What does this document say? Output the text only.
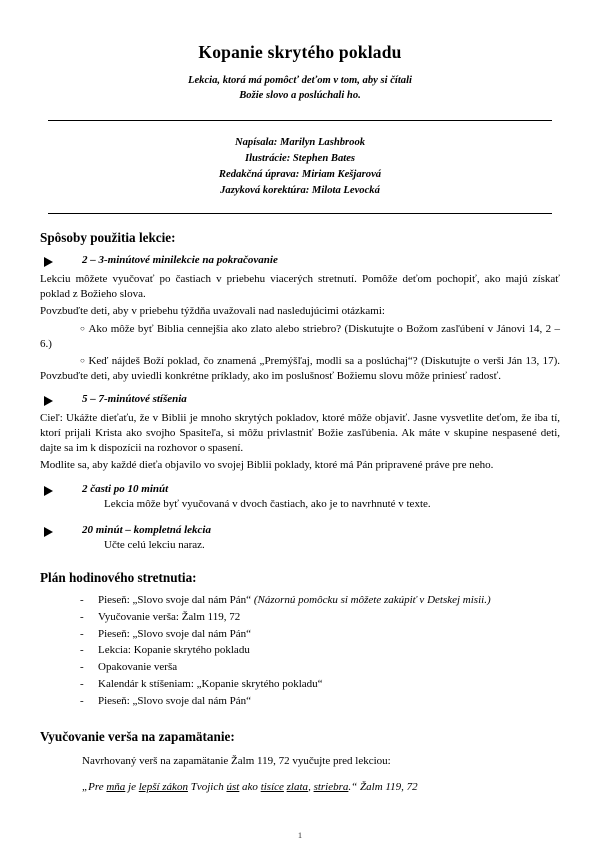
Kopanie skrytého pokladu
Lekcia, ktorá má pomôcť deťom v tom, aby si čítali
Božie slovo a poslúchali ho.
Napísala: Marilyn Lashbrook
Ilustrácie: Stephen Bates
Redakčná úprava: Miriam Kešjarová
Jazyková korektúra: Milota Levocká
Spôsoby použitia lekcie:
2 – 3-minútové minilekcie na pokračovanie

Lekciu môžete vyučovať po častiach v priebehu viacerých stretnutí. Pomôže deťom pochopiť, ako majú získať poklad z Božieho slova.

Povzbuďte deti, aby v priebehu týždňa uvažovali nad nasledujúcimi otázkami:

○ Ako môže byť Biblia cennejšia ako zlato alebo striebro? (Diskutujte o Božom zasľúbení v Jánovi 14, 2 – 6.)

○ Keď nájdeš Boží poklad, čo znamená „Premýšľaj, modli sa a poslúchaj“? (Diskutujte o verši Ján 13, 17). Povzbuďte deti, aby uviedli konkrétne príklady, ako im poslušnosť Božiemu slovu môže priniesť radosť.

5 – 7-minútové stíšenia

Cieľ: Ukážte dieťaťu, že v Biblii je mnoho skrytých pokladov, ktoré môže objaviť. Jasne vysvetlite deťom, že iba tí, ktorí prijali Krista ako svojho Spasiteľa, si môžu privlastniť Božie zasľúbenia. Ak máte v skupine nespasené deti, dajte sa im k dispozícii na rozhovor o spasení.

Modlite sa, aby každé dieťa objavilo vo svojej Biblii poklady, ktoré má Pán pripravené práve pre neho.

2 časti po 10 minút

Lekcia môže byť vyučovaná v dvoch častiach, ako je to navrhnuté v texte.

20 minút – kompletná lekcia

Učte celú lekciu naraz.

Plán hodinového stretnutia:
- Pieseň: „Slovo svoje dal nám Pán“ (Názornú pomôcku si môžete zakúpiť v Detskej misii.)
- Vyučovanie verša: Žalm 119, 72
- Pieseň: „Slovo svoje dal nám Pán“
- Lekcia: Kopanie skrytého pokladu
- Opakovanie verša
- Kalendár k stíšeniam: „Kopanie skrytého pokladu“
- Pieseň: „Slovo svoje dal nám Pán“
Vyučovanie verša na zapamätanie:

Navrhovaný verš na zapamätanie Žalm 119, 72 vyučujte pred lekciou:

„Pre mňa je lepší zákon Tvojich úst ako tisíce zlata, striebra.“ Žalm 119, 72

1
